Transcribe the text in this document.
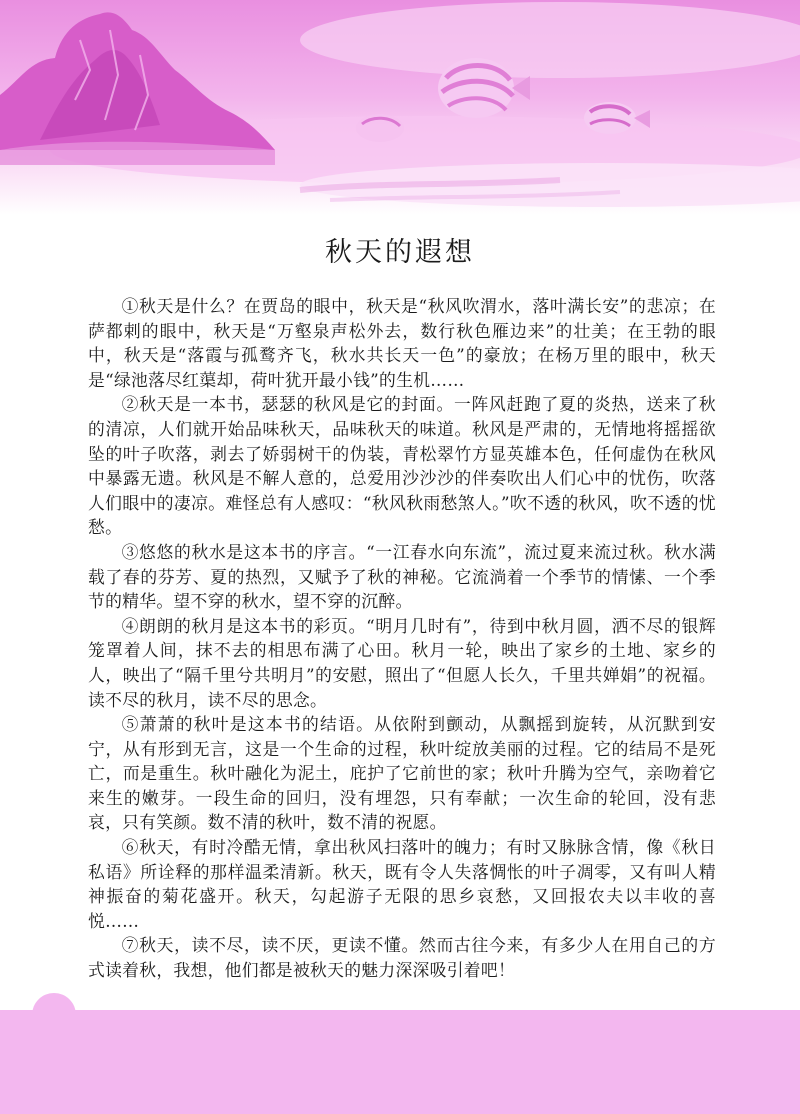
秋天的遐想

①秋天是什么？在贾岛的眼中，秋天是“秋风吹渭水，落叶满长安”的悲凉；在萨都剌的眼中，秋天是“万壑泉声松外去，数行秋色雁边来”的壮美；在王勃的眼中，秋天是“落霞与孤鹜齐飞，秋水共长天一色”的豪放；在杨万里的眼中，秋天是“绿池落尽红蕖却，荷叶犹开最小钱”的生机……

②秋天是一本书，瑟瑟的秋风是它的封面。一阵风赶跑了夏的炎热，送来了秋的清凉，人们就开始品味秋天，品味秋天的味道。秋风是严肃的，无情地将摇摇欲坠的叶子吹落，剥去了娇弱树干的伪装，青松翠竹方显英雄本色，任何虚伪在秋风中暴露无遗。秋风是不解人意的，总爱用沙沙沙的伴奏吹出人们心中的忧伤，吹落人们眼中的凄凉。难怪总有人感叹：“秋风秋雨愁煞人。”吹不透的秋风，吹不透的忧愁。

③悠悠的秋水是这本书的序言。“一江春水向东流”，流过夏来流过秋。秋水满载了春的芬芳、夏的热烈，又赋予了秋的神秘。它流淌着一个季节的情愫、一个季节的精华。望不穿的秋水，望不穿的沉醉。

④朗朗的秋月是这本书的彩页。“明月几时有”，待到中秋月圆，洒不尽的银辉笼罩着人间，抹不去的相思布满了心田。秋月一轮，映出了家乡的土地、家乡的人，映出了“隔千里兮共明月”的安慰，照出了“但愿人长久，千里共婵娟”的祝福。读不尽的秋月，读不尽的思念。

⑤萧萧的秋叶是这本书的结语。从依附到颤动，从飘摇到旋转，从沉默到安宁，从有形到无言，这是一个生命的过程，秋叶绽放美丽的过程。它的结局不是死亡，而是重生。秋叶融化为泥土，庇护了它前世的家；秋叶升腾为空气，亲吻着它来生的嫩芽。一段生命的回归，没有埋怨，只有奉献；一次生命的轮回，没有悲哀，只有笑颜。数不清的秋叶，数不清的祝愿。

⑥秋天，有时冷酷无情，拿出秋风扫落叶的魄力；有时又脉脉含情，像《秋日私语》所诠释的那样温柔清新。秋天，既有令人失落惆怅的叶子凋零，又有叫人精神振奋的菊花盛开。秋天，勾起游子无限的思乡哀愁，又回报农夫以丰收的喜悦……

⑦秋天，读不尽，读不厌，更读不懂。然而古往今来，有多少人在用自己的方式读着秋，我想，他们都是被秋天的魅力深深吸引着吧！
